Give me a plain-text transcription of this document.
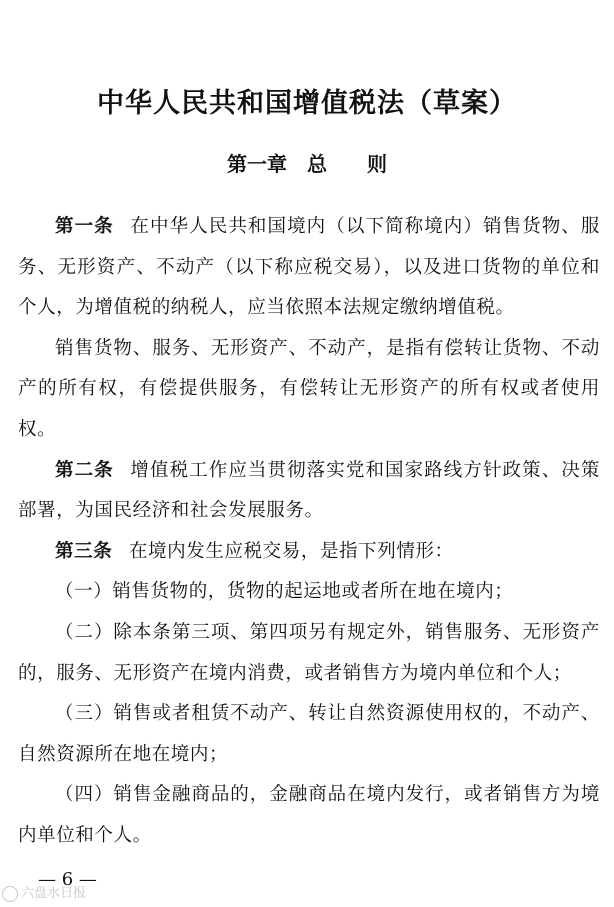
中华人民共和国增值税法（草案）
第一章　总　　则

第一条 在中华人民共和国境内（以下简称境内）销售货物、服务、无形资产、不动产（以下称应税交易），以及进口货物的单位和个人，为增值税的纳税人，应当依照本法规定缴纳增值税。

销售货物、服务、无形资产、不动产，是指有偿转让货物、不动产的所有权，有偿提供服务，有偿转让无形资产的所有权或者使用权。

第二条 增值税工作应当贯彻落实党和国家路线方针政策、决策部署，为国民经济和社会发展服务。

第三条 在境内发生应税交易，是指下列情形：

（一）销售货物的，货物的起运地或者所在地在境内；

（二）除本条第三项、第四项另有规定外，销售服务、无形资产的，服务、无形资产在境内消费，或者销售方为境内单位和个人；

（三）销售或者租赁不动产、转让自然资源使用权的，不动产、自然资源所在地在境内；

（四）销售金融商品的，金融商品在境内发行，或者销售方为境内单位和个人。

— 6 —
六盘水日报
